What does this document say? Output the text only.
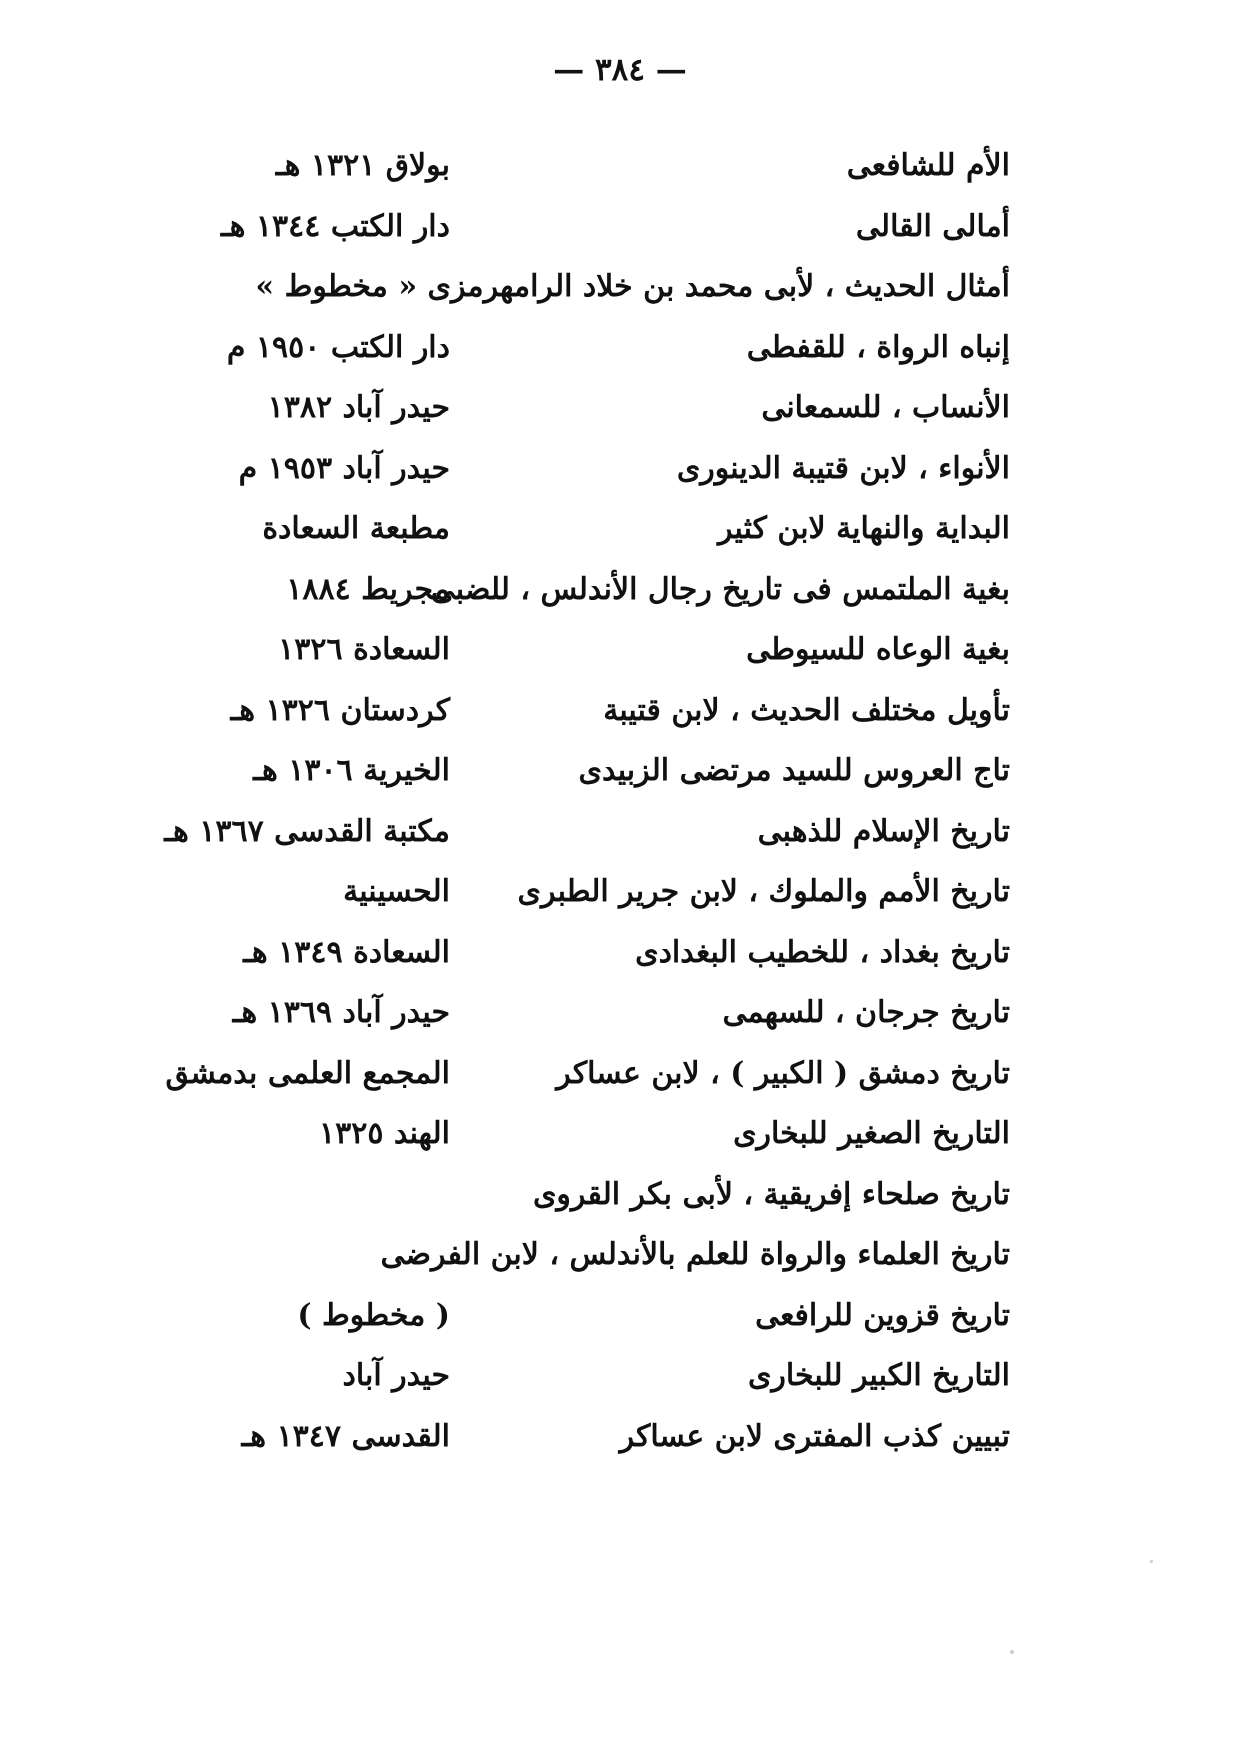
— ٣٨٤ —
الأم للشافعى
بولاق ١٣٢١ هـ
أمالى القالى
دار الكتب ١٣٤٤ هـ
أمثال الحديث ، لأبى محمد بن خلاد الرامهرمزى « مخطوط »
إنباه الرواة ، للقفطى
دار الكتب ١٩٥٠ م
الأنساب ، للسمعانى
حيدر آباد ١٣٨٢
الأنواء ، لابن قتيبة الدينورى
حيدر آباد ١٩٥٣ م
البداية والنهاية لابن كثير
مطبعة السعادة
بغية الملتمس فى تاريخ رجال الأندلس ، للضبى
مجريط ١٨٨٤
بغية الوعاه للسيوطى
السعادة ١٣٢٦
تأويل مختلف الحديث ، لابن قتيبة
كردستان ١٣٢٦ هـ
تاج العروس للسيد مرتضى الزبيدى
الخيرية ١٣٠٦ هـ
تاريخ الإسلام للذهبى
مكتبة القدسى ١٣٦٧ هـ
تاريخ الأمم والملوك ، لابن جرير الطبرى
الحسينية
تاريخ بغداد ، للخطيب البغدادى
السعادة ١٣٤٩ هـ
تاريخ جرجان ، للسهمى
حيدر آباد ١٣٦٩ هـ
تاريخ دمشق ( الكبير ) ، لابن عساكر
المجمع العلمى بدمشق
التاريخ الصغير للبخارى
الهند ١٣٢٥
تاريخ صلحاء إفريقية ، لأبى بكر القروى
تاريخ العلماء والرواة للعلم بالأندلس ، لابن الفرضى
تاريخ قزوين للرافعى
( مخطوط )
التاريخ الكبير للبخارى
حيدر آباد
تبيين كذب المفترى لابن عساكر
القدسى ١٣٤٧ هـ
